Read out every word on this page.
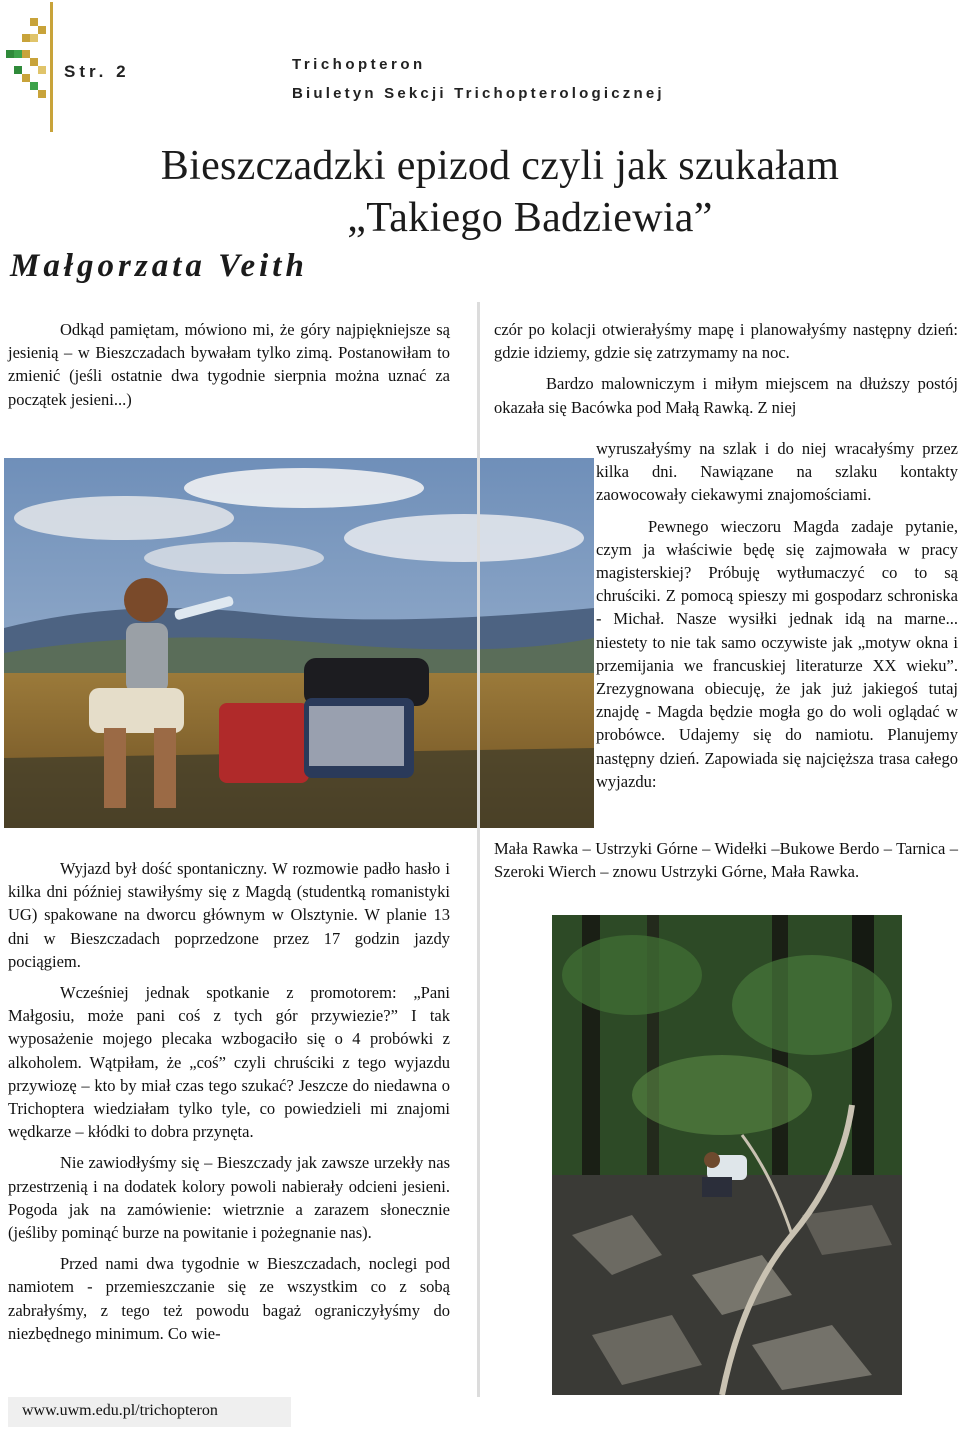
Str. 2	Trichopteron
Biuletyn Sekcji Trichopterologicznej
Bieszczadzki epizod czyli jak szukałam
„Takiego Badziewia”
Małgorzata Veith

Odkąd pamiętam, mówiono mi, że góry najpiękniejsze są jesienią – w Bieszczadach bywałam tylko zimą. Postanowiłam to zmienić (jeśli ostatnie dwa tygodnie sierpnia można uznać za początek jesieni...)

Wyjazd był dość spontaniczny. W rozmowie padło hasło i kilka dni później stawiłyśmy się z Magdą (studentką romanistyki UG) spakowane na dworcu głównym w Olsztynie. W planie 13 dni w Bieszczadach poprzedzone przez 17 godzin jazdy pociągiem.

Wcześniej jednak spotkanie z promotorem: „Pani Małgosiu, może pani coś z tych gór przywiezie?” I tak wyposażenie mojego plecaka wzbogaciło się o 4 probówki z alkoholem. Wątpiłam, że „coś” czyli chruściki z tego wyjazdu przywiozę – kto by miał czas tego szukać? Jeszcze do niedawna o Trichoptera wiedziałam tylko tyle, co powiedzieli mi znajomi wędkarze – kłódki to dobra przynęta.

Nie zawiodłyśmy się – Bieszczady jak zawsze urzekły nas przestrzenią i na dodatek kolory powoli nabierały odcieni jesieni. Pogoda jak na zamówienie: wietrznie a zarazem słonecznie (jeśliby pominąć burze na powitanie i pożegnanie nas).

Przed nami dwa tygodnie w Bieszczadach, noclegi pod namiotem - przemieszczanie się ze wszystkim co z sobą zabrałyśmy, z tego też powodu bagaż ograniczyłyśmy do niezbędnego minimum. Co wie-

czór po kolacji otwierałyśmy mapę i planowałyśmy następny dzień: gdzie idziemy, gdzie się zatrzymamy na noc.

Bardzo malowniczym i miłym miejscem na dłuższy postój okazała się Bacówka pod Małą Rawką. Z niej

wyruszałyśmy na szlak i do niej wracałyśmy przez kilka dni. Nawiązane na szlaku kontakty zaowocowały ciekawymi znajomościami.

Pewnego wieczoru Magda zadaje pytanie, czym ja właściwie będę się zajmowała w pracy magisterskiej? Próbuję wytłumaczyć co to są chruściki. Z pomocą spieszy mi gospodarz schroniska - Michał. Nasze wysiłki jednak idą na marne... niestety to nie tak samo oczywiste jak „motyw okna i przemijania we francuskiej literaturze XX wieku”. Zrezygnowana obiecuję, że jak już jakiegoś tutaj znajdę - Magda będzie mogła go do woli oglądać w probówce. Udajemy się do namiotu. Planujemy następny dzień. Zapowiada się najcięższa trasa całego wyjazdu:

Mała Rawka – Ustrzyki Górne – Widełki –Bukowe Berdo – Tarnica – Szeroki Wierch – znowu Ustrzyki Górne, Mała Rawka.

www.uwm.edu.pl/trichopteron
